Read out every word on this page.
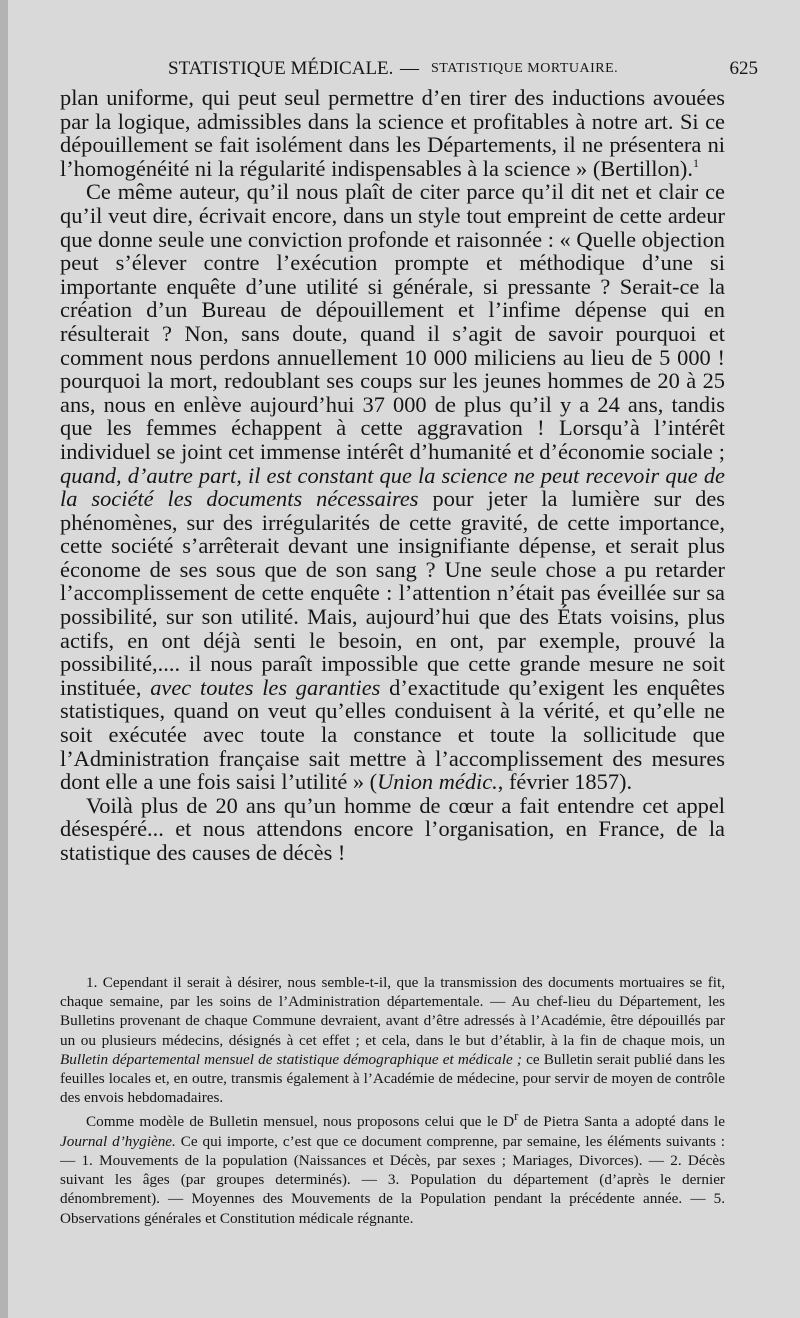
STATISTIQUE MÉDICALE. — STATISTIQUE MORTUAIRE.	625

plan uniforme, qui peut seul permettre d’en tirer des inductions avouées par la logique, admissibles dans la science et profitables à notre art. Si ce dépouillement se fait isolément dans les Départements, il ne présentera ni l’homogénéité ni la régularité indispensables à la science » (Bertillon).$^1$

Ce même auteur, qu’il nous plaît de citer parce qu’il dit net et clair ce qu’il veut dire, écrivait encore, dans un style tout empreint de cette ardeur que donne seule une conviction profonde et raisonnée : « Quelle objection peut s’élever contre l’exécution prompte et méthodique d’une si importante enquête d’une utilité si générale, si pressante ? Serait-ce la création d’un Bureau de dépouillement et l’infime dépense qui en résulterait ? Non, sans doute, quand il s’agit de savoir pourquoi et comment nous perdons annuellement 10 000 miliciens au lieu de 5 000 ! pourquoi la mort, redoublant ses coups sur les jeunes hommes de 20 à 25 ans, nous en enlève aujourd’hui 37 000 de plus qu’il y a 24 ans, tandis que les femmes échappent à cette aggravation ! Lorsqu’à l’intérêt individuel se joint cet immense intérêt d’humanité et d’économie sociale ; quand, d’autre part, il est constant que la science ne peut recevoir que de la société les documents nécessaires pour jeter la lumière sur des phénomènes, sur des irrégularités de cette gravité, de cette importance, cette société s’arrêterait devant une insignifiante dépense, et serait plus économe de ses sous que de son sang ? Une seule chose a pu retarder l’accomplissement de cette enquête : l’attention n’était pas éveillée sur sa possibilité, sur son utilité. Mais, aujourd’hui que des États voisins, plus actifs, en ont déjà senti le besoin, en ont, par exemple, prouvé la possibilité,.... il nous paraît impossible que cette grande mesure ne soit instituée, avec toutes les garanties d’exactitude qu’exigent les enquêtes statistiques, quand on veut qu’elles conduisent à la vérité, et qu’elle ne soit exécutée avec toute la constance et toute la sollicitude que l’Administration française sait mettre à l’accomplissement des mesures dont elle a une fois saisi l’utilité » (Union médic., février 1857).

Voilà plus de 20 ans qu’un homme de cœur a fait entendre cet appel désespéré... et nous attendons encore l’organisation, en France, de la statistique des causes de décès !

1. Cependant il serait à désirer, nous semble-t-il, que la transmission des documents mortuaires se fit, chaque semaine, par les soins de l’Administration départementale. — Au chef-lieu du Département, les Bulletins provenant de chaque Commune devraient, avant d’être adressés à l’Académie, être dépouillés par un ou plusieurs médecins, désignés à cet effet ; et cela, dans le but d’établir, à la fin de chaque mois, un Bulletin départemental mensuel de statistique démographique et médicale ; ce Bulletin serait publié dans les feuilles locales et, en outre, transmis également à l’Académie de médecine, pour servir de moyen de contrôle des envois hebdomadaires.

Comme modèle de Bulletin mensuel, nous proposons celui que le $D^r$ de Pietra Santa a adopté dans le Journal d’hygiène. Ce qui importe, c’est que ce document comprenne, par semaine, les éléments suivants : — 1. Mouvements de la population (Naissances et Décès, par sexes ; Mariages, Divorces). — 2. Décès suivant les âges (par groupes determinés). — 3. Population du département (d’après le dernier dénombrement). — Moyennes des Mouvements de la Population pendant la précédente année. — 5. Observations générales et Constitution médicale régnante.
